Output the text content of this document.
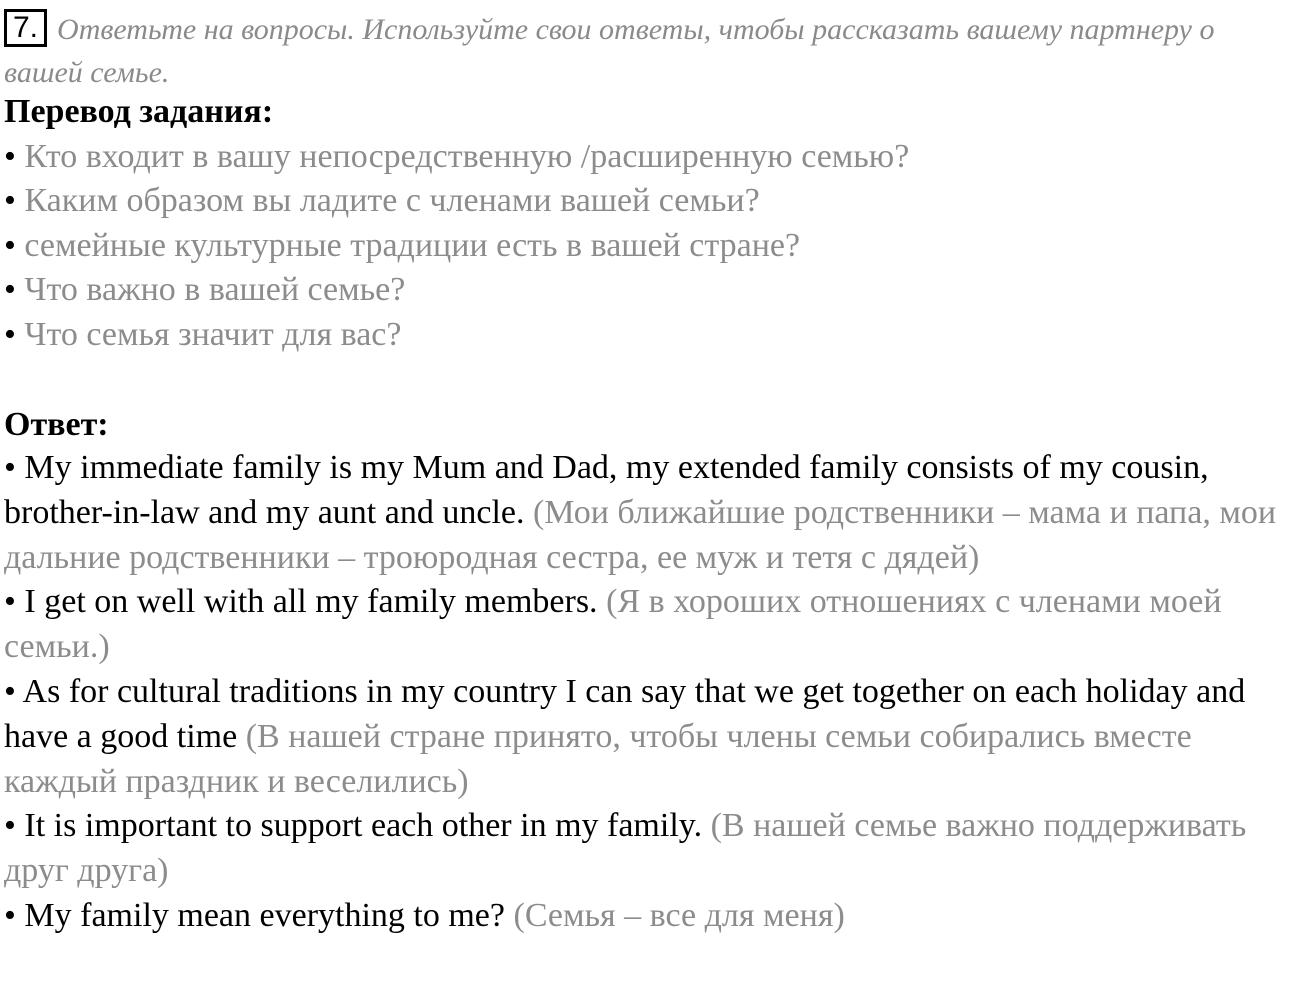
7. Ответьте на вопросы. Используйте свои ответы, чтобы рассказать вашему партнеру о вашей семье.
Перевод задания:
• Кто входит в вашу непосредственную /расширенную семью?
• Каким образом вы ладите с членами вашей семьи?
• семейные культурные традиции есть в вашей стране?
• Что важно в вашей семье?
• Что семья значит для вас?
Ответ:

• My immediate family is my Mum and Dad, my extended family consists of my cousin, brother-in-law and my aunt and uncle. (Мои ближайшие родственники – мама и папа, мои дальние родственники – троюродная сестра, ее муж и тетя с дядей)

• I get on well with all my family members. (Я в хороших отношениях с членами моей семьи.)

• As for cultural traditions in my country I can say that we get together on each holiday and have a good time (В нашей стране принято, чтобы члены семьи собирались вместе каждый праздник и веселились)

• It is important to support each other in my family. (В нашей семье важно поддерживать друг друга)

• My family mean everything to me? (Семья – все для меня)
